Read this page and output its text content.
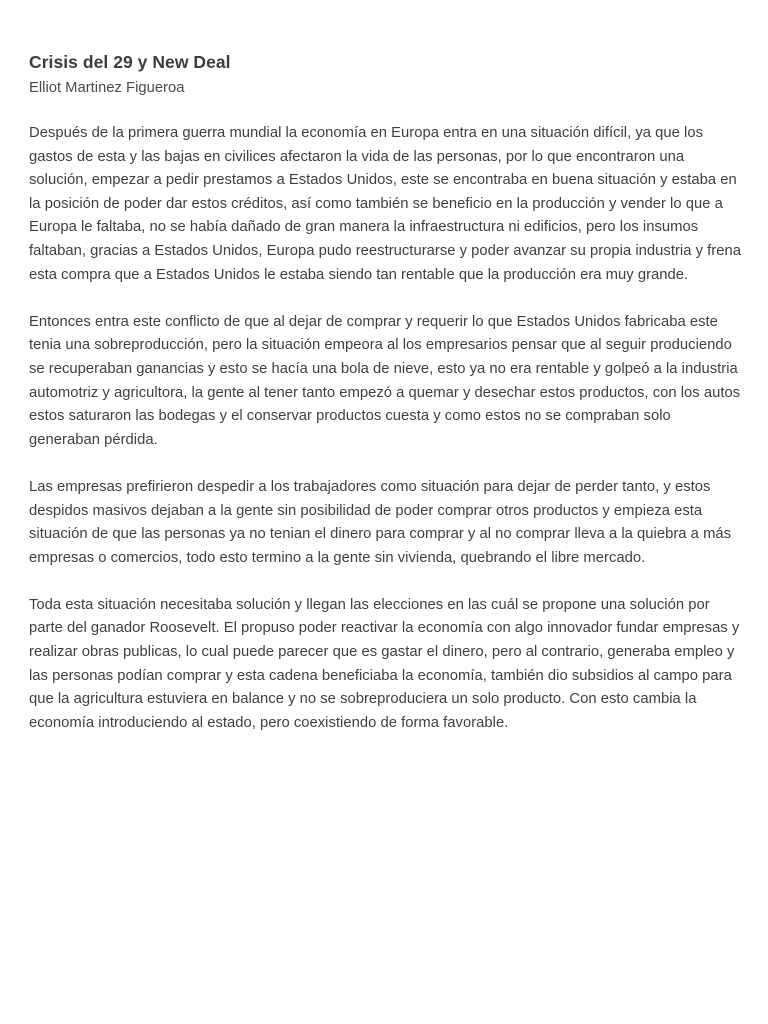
Crisis del 29 y New Deal

Elliot Martinez Figueroa

Después de la primera guerra mundial la economía en Europa entra en una situación difícil, ya que los gastos de esta y las bajas en civilices afectaron la vida de las personas, por lo que encontraron una solución, empezar a pedir prestamos a Estados Unidos, este se encontraba en buena situación y estaba en la posición de poder dar estos créditos, así como también se beneficio en la producción y vender lo que a Europa le faltaba, no se había dañado de gran manera la infraestructura ni edificios, pero los insumos faltaban, gracias a Estados Unidos, Europa pudo reestructurarse y poder avanzar su propia industria y frena esta compra que a Estados Unidos le estaba siendo tan rentable que la producción era muy grande.

Entonces entra este conflicto de que al dejar de comprar y requerir lo que Estados Unidos fabricaba este tenia una sobreproducción, pero la situación empeora al los empresarios pensar que al seguir produciendo se recuperaban ganancias y esto se hacía una bola de nieve, esto ya no era rentable y golpeó a la industria automotriz y agricultora, la gente al tener tanto empezó a quemar y desechar estos productos, con los autos estos saturaron las bodegas y el conservar productos cuesta y como estos no se compraban solo generaban pérdida.

Las empresas prefirieron despedir a los trabajadores como situación para dejar de perder tanto, y estos despidos masivos dejaban a la gente sin posibilidad de poder comprar otros productos y empieza esta situación de que las personas ya no tenian el dinero para comprar y al no comprar lleva a la quiebra a más empresas o comercios, todo esto termino a la gente sin vivienda, quebrando el libre mercado.

Toda esta situación necesitaba solución y llegan las elecciones en las cuál se propone una solución por parte del ganador Roosevelt. El propuso poder reactivar la economía con algo innovador fundar empresas y realizar obras publicas, lo cual puede parecer que es gastar el dinero, pero al contrario, generaba empleo y las personas podían comprar y esta cadena beneficiaba la economía, también dio subsidios al campo para que la agricultura estuviera en balance y no se sobreproduciera un solo producto. Con esto cambia la economía introduciendo al estado, pero coexistiendo de forma favorable.
